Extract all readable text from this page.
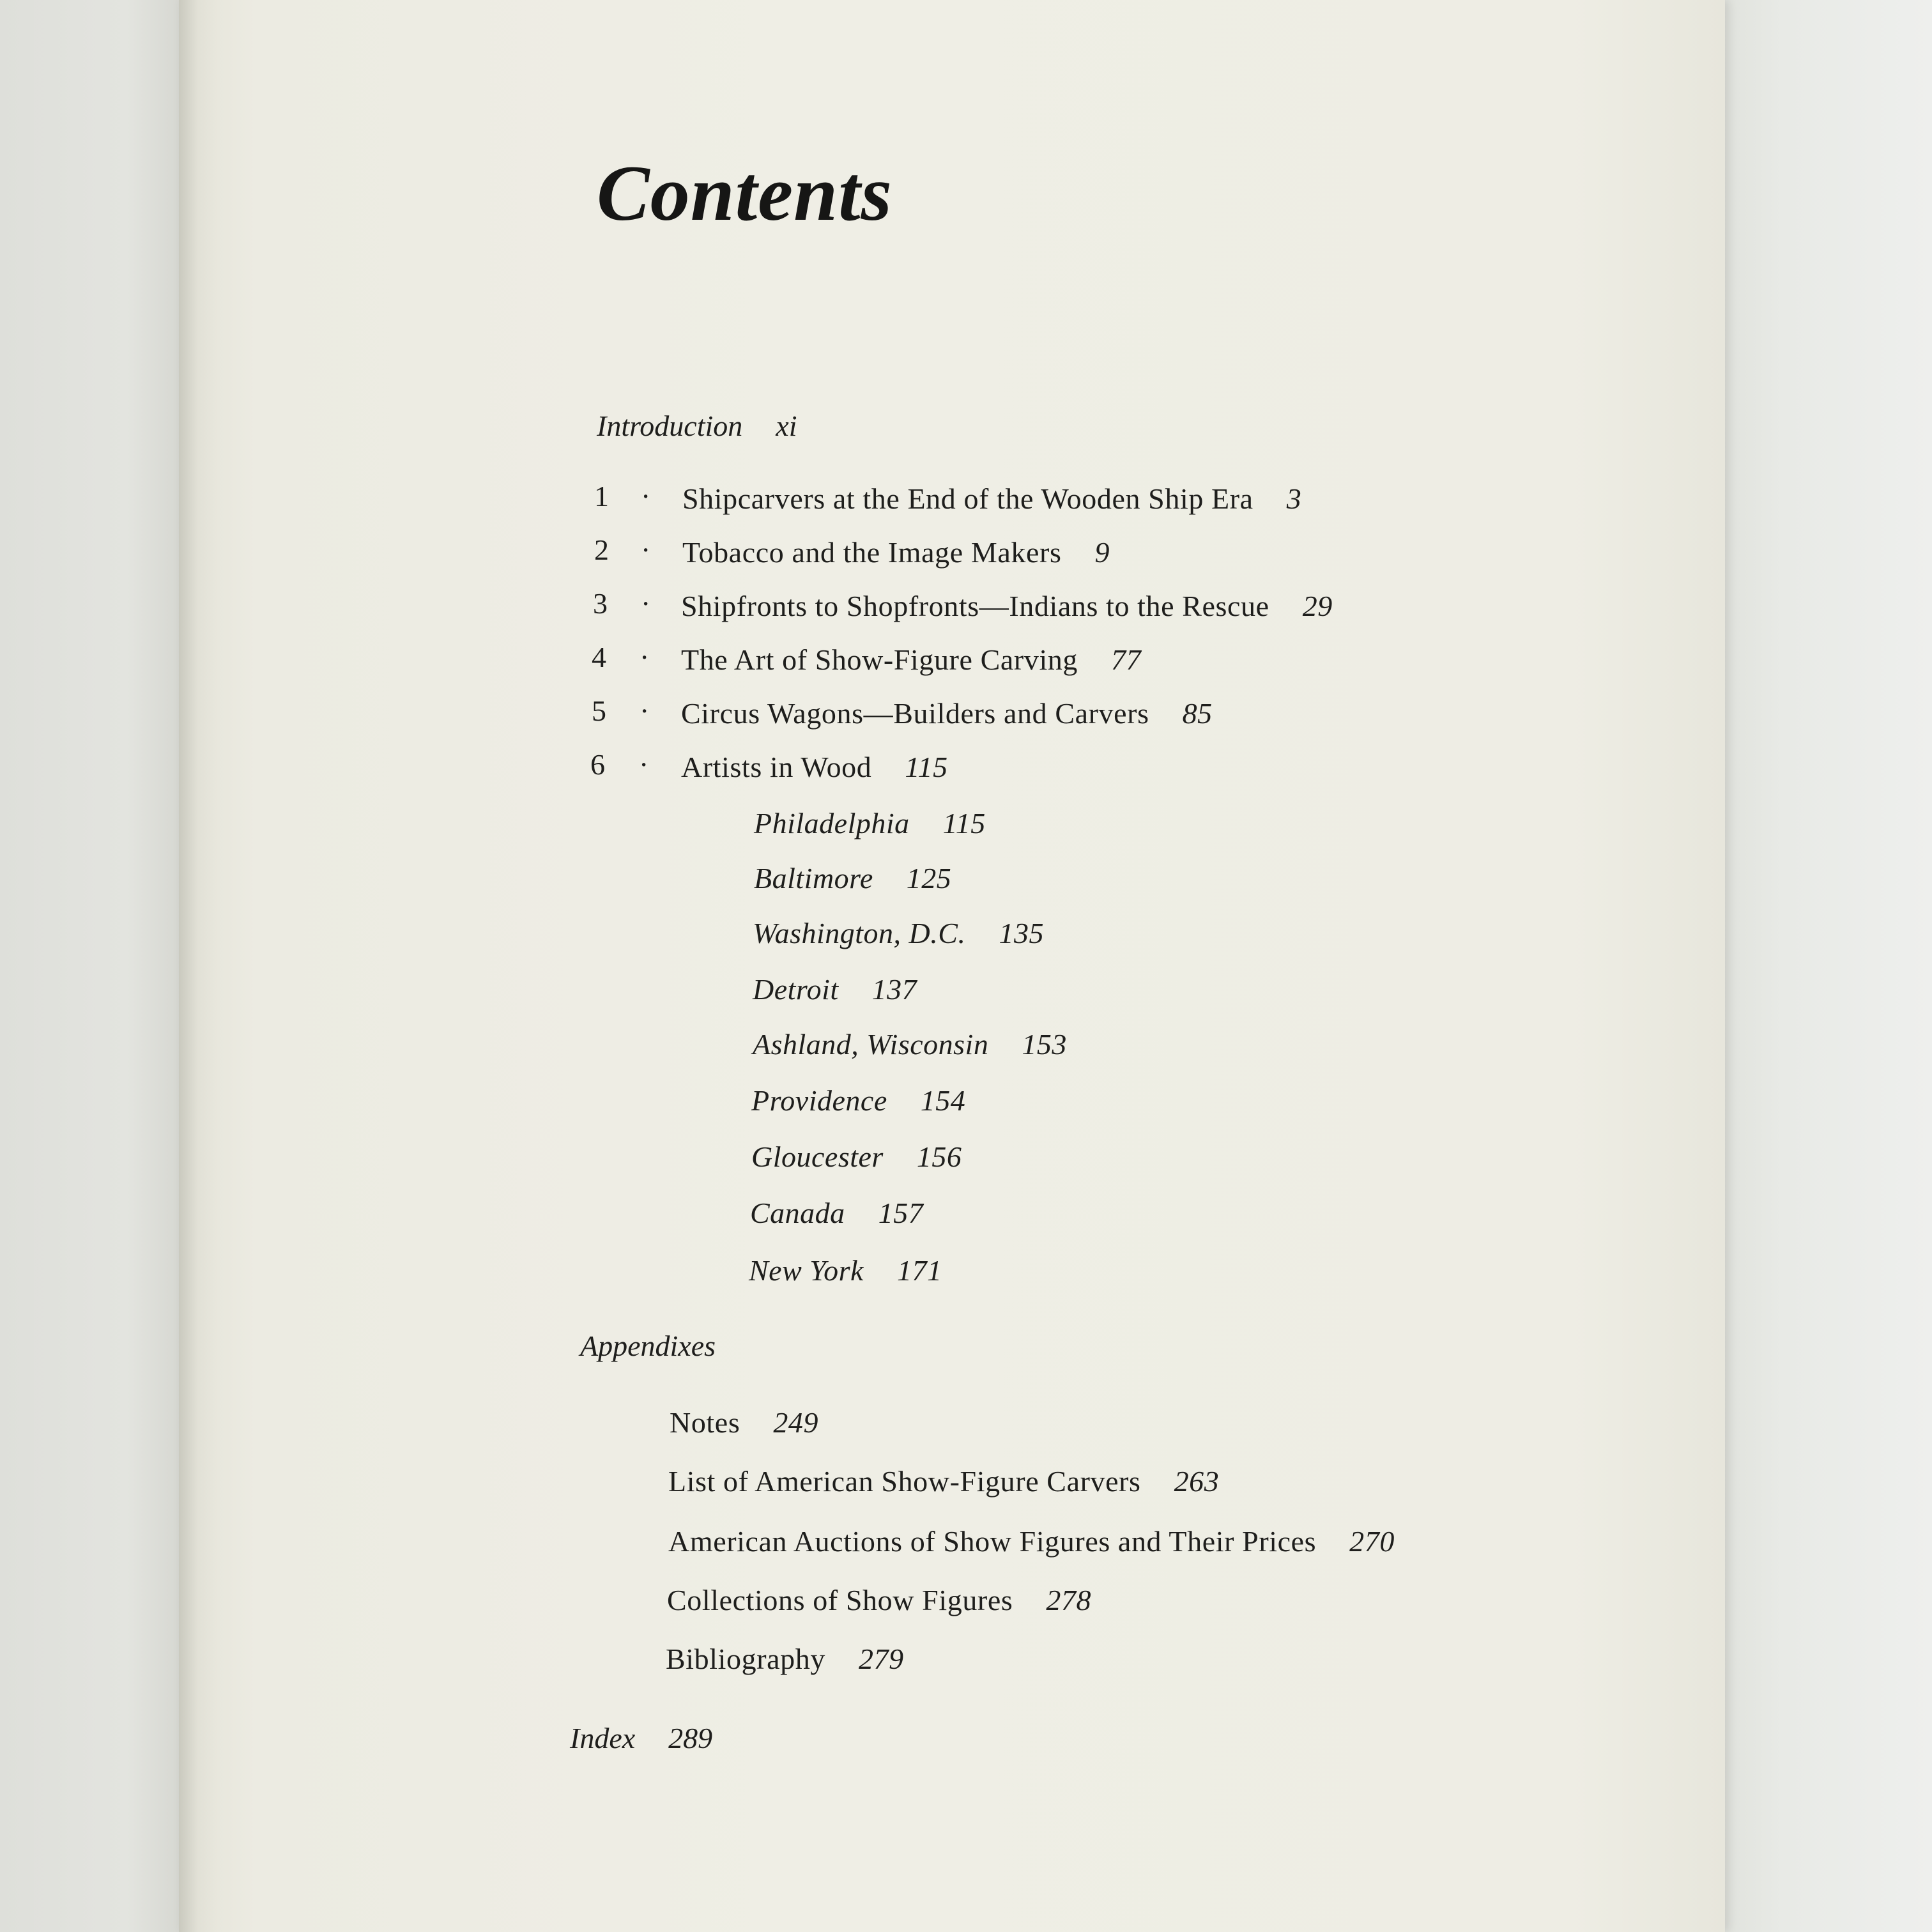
Contents
Introduction xi
1 · Shipcarvers at the End of the Wooden Ship Era 3
2 · Tobacco and the Image Makers 9
3 · Shipfronts to Shopfronts—Indians to the Rescue 29
4 · The Art of Show-Figure Carving 77
5 · Circus Wagons—Builders and Carvers 85
6 · Artists in Wood 115
Philadelphia 115
Baltimore 125
Washington, D.C. 135
Detroit 137
Ashland, Wisconsin 153
Providence 154
Gloucester 156
Canada 157
New York 171
Appendixes
Notes 249
List of American Show-Figure Carvers 263
American Auctions of Show Figures and Their Prices 270
Collections of Show Figures 278
Bibliography 279
Index 289
